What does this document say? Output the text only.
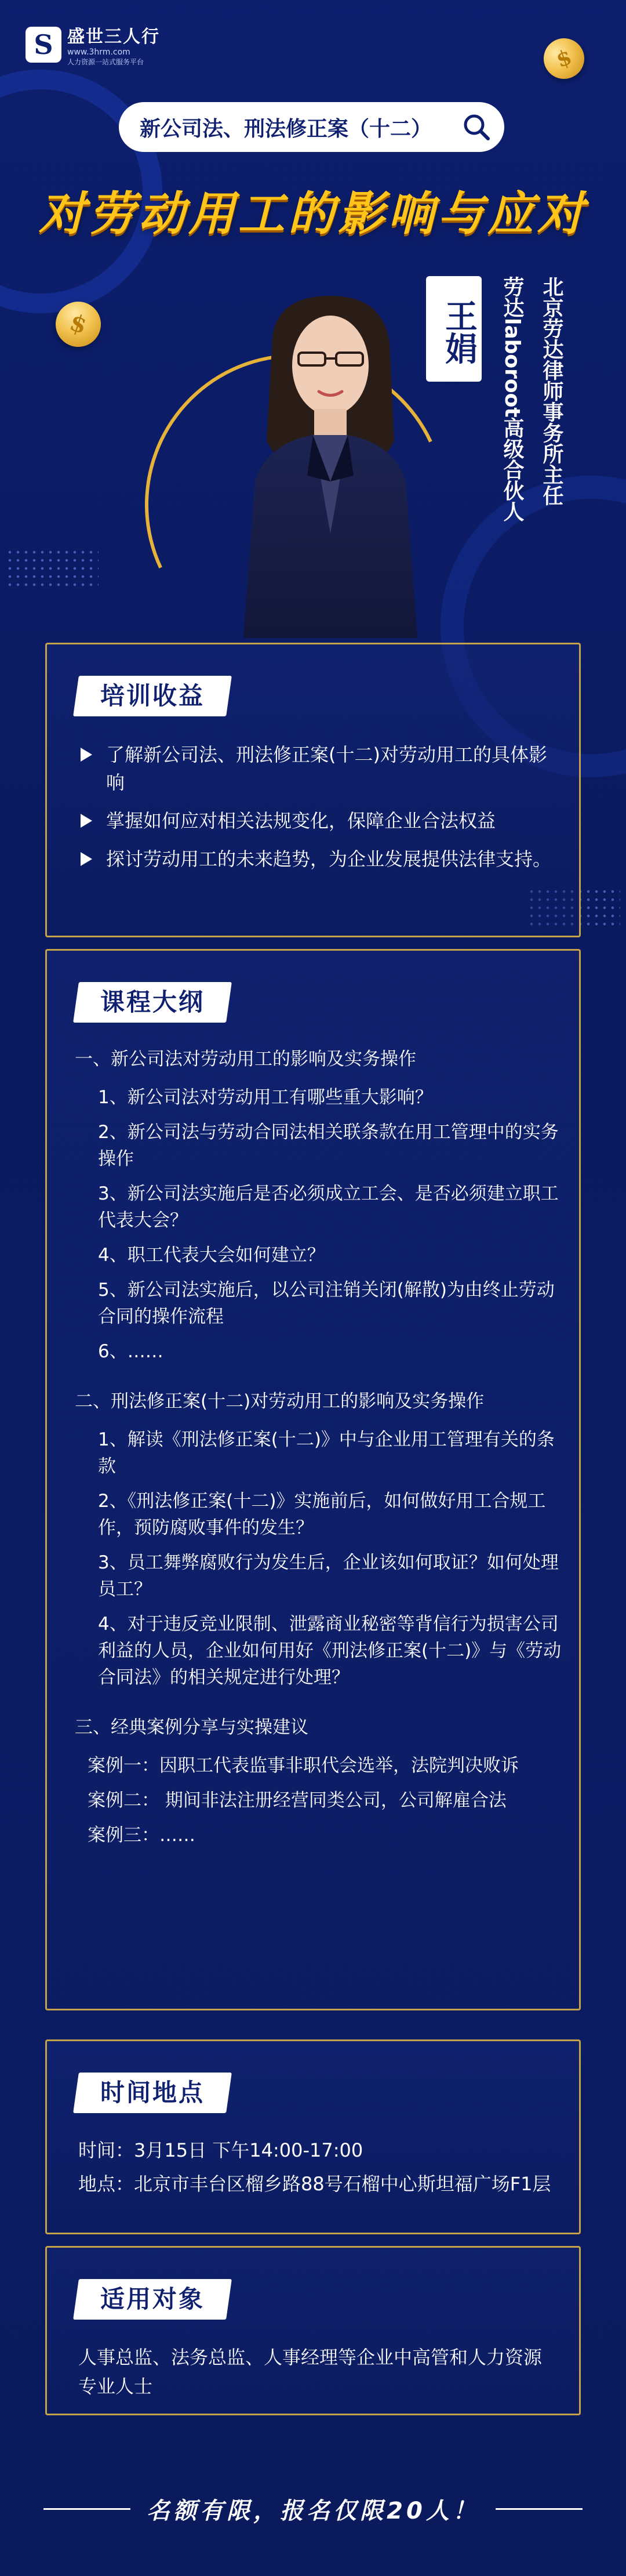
$
$
S 盛世三人行
www.3hrm.com
人力资源一站式服务平台
新公司法、刑法修正案（十二）
对劳动用工的影响与应对
王娟	北京劳达律师事务所主任
劳达laboroot高级合伙人
培训收益
了解新公司法、刑法修正案(十二)对劳动用工的具体影响
掌握如何应对相关法规变化，保障企业合法权益
探讨劳动用工的未来趋势，为企业发展提供法律支持。
课程大纲
一、新公司法对劳动用工的影响及实务操作
1、新公司法对劳动用工有哪些重大影响？
2、新公司法与劳动合同法相关联条款在用工管理中的实务操作
3、新公司法实施后是否必须成立工会、是否必须建立职工代表大会？
4、职工代表大会如何建立？
5、新公司法实施后，以公司注销关闭(解散)为由终止劳动合同的操作流程
6、……
二、刑法修正案(十二)对劳动用工的影响及实务操作
1、解读《刑法修正案(十二)》中与企业用工管理有关的条款
2、《刑法修正案(十二)》实施前后，如何做好用工合规工作，预防腐败事件的发生？
3、员工舞弊腐败行为发生后，企业该如何取证？如何处理员工？
4、对于违反竞业限制、泄露商业秘密等背信行为损害公司利益的人员，企业如何用好《刑法修正案(十二)》与《劳动合同法》的相关规定进行处理？
三、经典案例分享与实操建议
案例一：因职工代表监事非职代会选举，法院判决败诉
案例二： 期间非法注册经营同类公司，公司解雇合法
案例三：……
时间地点
时间： 3月15日 下午14:00-17:00
地点： 北京市丰台区榴乡路88号石榴中心斯坦福广场F1层
适用对象
人事总监、法务总监、人事经理等企业中高管和人力资源专业人士
名额有限，报名仅限20人！
